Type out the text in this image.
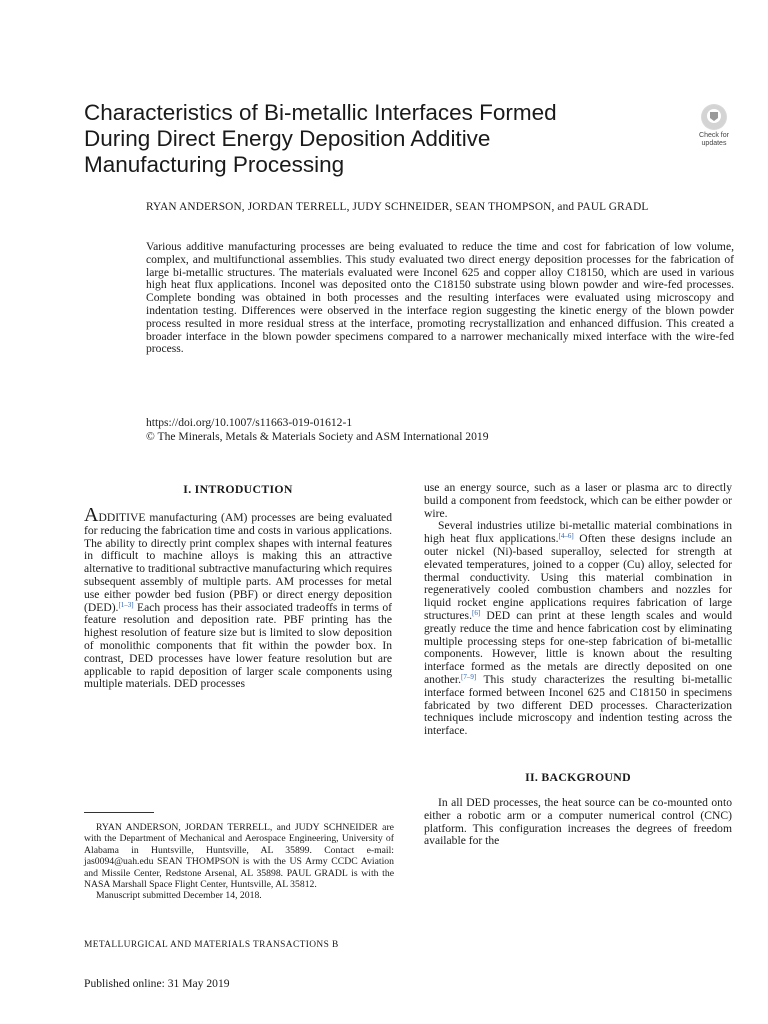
Characteristics of Bi-metallic Interfaces Formed During Direct Energy Deposition Additive Manufacturing Processing
Check for
updates
RYAN ANDERSON, JORDAN TERRELL, JUDY SCHNEIDER, SEAN THOMPSON, and PAUL GRADL

Various additive manufacturing processes are being evaluated to reduce the time and cost for fabrication of low volume, complex, and multifunctional assemblies. This study evaluated two direct energy deposition processes for the fabrication of large bi-metallic structures. The materials evaluated were Inconel 625 and copper alloy C18150, which are used in various high heat flux applications. Inconel was deposited onto the C18150 substrate using blown powder and wire-fed processes. Complete bonding was obtained in both processes and the resulting interfaces were evaluated using microscopy and indentation testing. Differences were observed in the interface region suggesting the kinetic energy of the blown powder process resulted in more residual stress at the interface, promoting recrystallization and enhanced diffusion. This created a broader interface in the blown powder specimens compared to a narrower mechanically mixed interface with the wire-fed process.

https://doi.org/10.1007/s11663-019-01612-1
© The Minerals, Metals & Materials Society and ASM International 2019
I. INTRODUCTION

ADDITIVE manufacturing (AM) processes are being evaluated for reducing the fabrication time and costs in various applications. The ability to directly print complex shapes with internal features in difficult to machine alloys is making this an attractive alternative to traditional subtractive manufacturing which requires subsequent assembly of multiple parts. AM processes for metal use either powder bed fusion (PBF) or direct energy deposition (DED).[1–3] Each process has their associated tradeoffs in terms of feature resolution and deposition rate. PBF printing has the highest resolution of feature size but is limited to slow deposition of monolithic components that fit within the powder box. In contrast, DED processes have lower feature resolution but are applicable to rapid deposition of larger scale components using multiple materials. DED processes

use an energy source, such as a laser or plasma arc to directly build a component from feedstock, which can be either powder or wire.

Several industries utilize bi-metallic material combinations in high heat flux applications.[4–6] Often these designs include an outer nickel (Ni)-based superalloy, selected for strength at elevated temperatures, joined to a copper (Cu) alloy, selected for thermal conductivity. Using this material combination in regeneratively cooled combustion chambers and nozzles for liquid rocket engine applications requires fabrication of large structures.[6] DED can print at these length scales and would greatly reduce the time and hence fabrication cost by eliminating multiple processing steps for one-step fabrication of bi-metallic components. However, little is known about the resulting interface formed as the metals are directly deposited on one another.[7–9] This study characterizes the resulting bi-metallic interface formed between Inconel 625 and C18150 in specimens fabricated by two different DED processes. Characterization techniques include microscopy and indention testing across the interface.

II. BACKGROUND

In all DED processes, the heat source can be co-mounted onto either a robotic arm or a computer numerical control (CNC) platform. This configuration increases the degrees of freedom available for the

RYAN ANDERSON, JORDAN TERRELL, and JUDY SCHNEIDER are with the Department of Mechanical and Aerospace Engineering, University of Alabama in Huntsville, Huntsville, AL 35899. Contact e-mail: jas0094@uah.edu SEAN THOMPSON is with the US Army CCDC Aviation and Missile Center, Redstone Arsenal, AL 35898. PAUL GRADL is with the NASA Marshall Space Flight Center, Huntsville, AL 35812.

Manuscript submitted December 14, 2018.

METALLURGICAL AND MATERIALS TRANSACTIONS B
Published online: 31 May 2019
